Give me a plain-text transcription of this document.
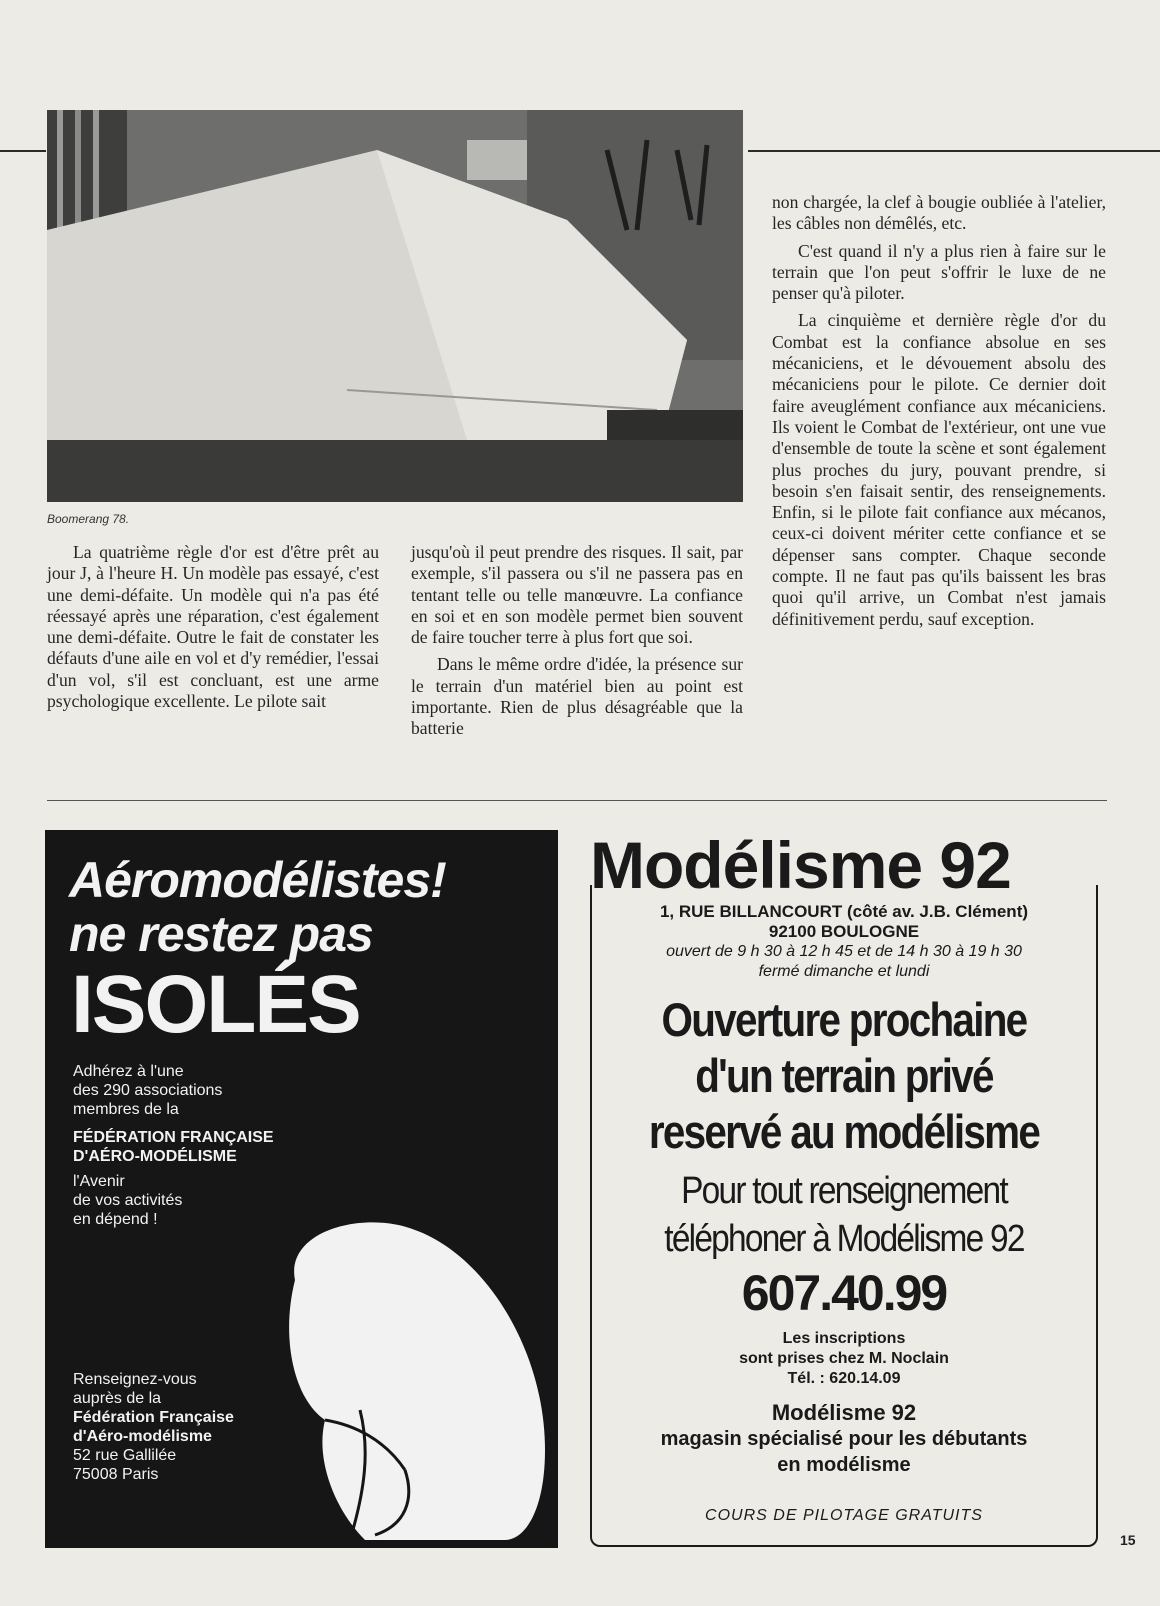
Boomerang 78.

La quatrième règle d'or est d'être prêt au jour J, à l'heure H. Un modèle pas essayé, c'est une demi-défaite. Un modèle qui n'a pas été réessayé après une réparation, c'est également une demi-défaite. Outre le fait de constater les défauts d'une aile en vol et d'y remédier, l'essai d'un vol, s'il est concluant, est une arme psychologique excellente. Le pilote sait

jusqu'où il peut prendre des risques. Il sait, par exemple, s'il passera ou s'il ne passera pas en tentant telle ou telle manœuvre. La confiance en soi et en son modèle permet bien souvent de faire toucher terre à plus fort que soi.

Dans le même ordre d'idée, la présence sur le terrain d'un matériel bien au point est importante. Rien de plus désagréable que la batterie

non chargée, la clef à bougie oubliée à l'atelier, les câbles non démêlés, etc.

C'est quand il n'y a plus rien à faire sur le terrain que l'on peut s'offrir le luxe de ne penser qu'à piloter.

La cinquième et dernière règle d'or du Combat est la confiance absolue en ses mécaniciens, et le dévouement absolu des mécaniciens pour le pilote. Ce dernier doit faire aveuglément confiance aux mécaniciens. Ils voient le Combat de l'extérieur, ont une vue d'ensemble de toute la scène et sont également plus proches du jury, pouvant prendre, si besoin s'en faisait sentir, des renseignements. Enfin, si le pilote fait confiance aux mécanos, ceux-ci doivent mériter cette confiance et se dépenser sans compter. Chaque seconde compte. Il ne faut pas qu'ils baissent les bras quoi qu'il arrive, un Combat n'est jamais définitivement perdu, sauf exception.

Aéromodélistes!
ne restez pas
ISOLÉS
Adhérez à l'une
des 290 associations
membres de la
FÉDÉRATION FRANÇAISE
D'AÉRO-MODÉLISME
l'Avenir
de vos activités
en dépend !
Renseignez-vous
auprès de la
Fédération Française
d'Aéro-modélisme
52 rue Gallilée
75008 Paris
Modélisme 92
1, RUE BILLANCOURT (côté av. J.B. Clément)
92100 BOULOGNE
ouvert de 9 h 30 à 12 h 45 et de 14 h 30 à 19 h 30
fermé dimanche et lundi
Ouverture prochaine
d'un terrain privé
reservé au modélisme
Pour tout renseignement
téléphoner à Modélisme 92
607.40.99
Les inscriptions
sont prises chez M. Noclain
Tél. : 620.14.09
Modélisme 92
magasin spécialisé pour les débutants
en modélisme
COURS DE PILOTAGE GRATUITS
15
